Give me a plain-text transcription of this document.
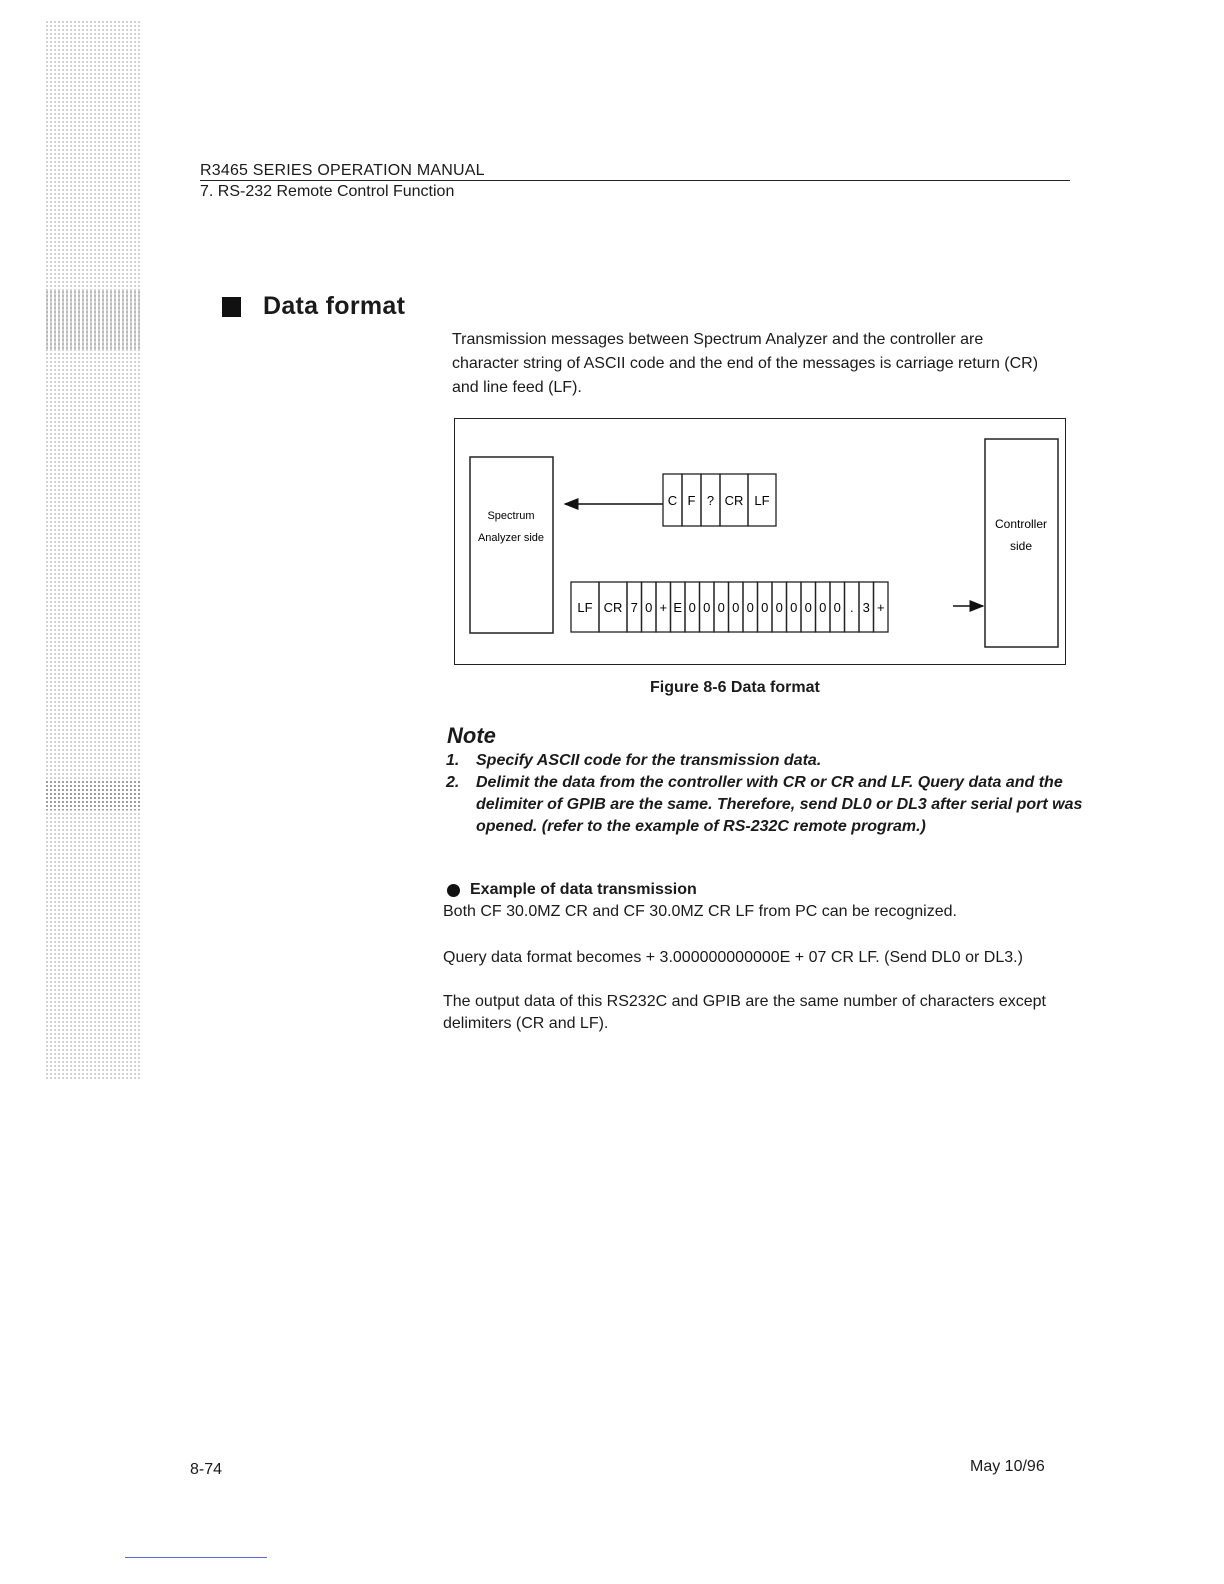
R3465 SERIES OPERATION MANUAL
7. RS-232 Remote Control Function
Data format
Transmission messages between Spectrum Analyzer and the controller are character string of ASCII code and the end of the messages is carriage return (CR) and line feed (LF).
Spectrum
Analyzer side
Controller
side
C F ? CR LF
LF CR 7 0 + E 0 0 0 0 0 0 0 0 0 0 0 . 3 +
Figure 8-6 Data format
Note
1.	Specify ASCII code for the transmission data.
2.	Delimit the data from the controller with CR or CR and LF. Query data and the delimiter of GPIB are the same. Therefore, send DL0 or DL3 after serial port was opened. (refer to the example of RS-232C remote program.)
Example of data transmission
Both CF 30.0MZ CR and CF 30.0MZ CR LF from PC can be recognized.
Query data format becomes + 3.000000000000E + 07 CR LF. (Send DL0 or DL3.)
The output data of this RS232C and GPIB are the same number of characters except delimiters (CR and LF).
8-74	May 10/96
